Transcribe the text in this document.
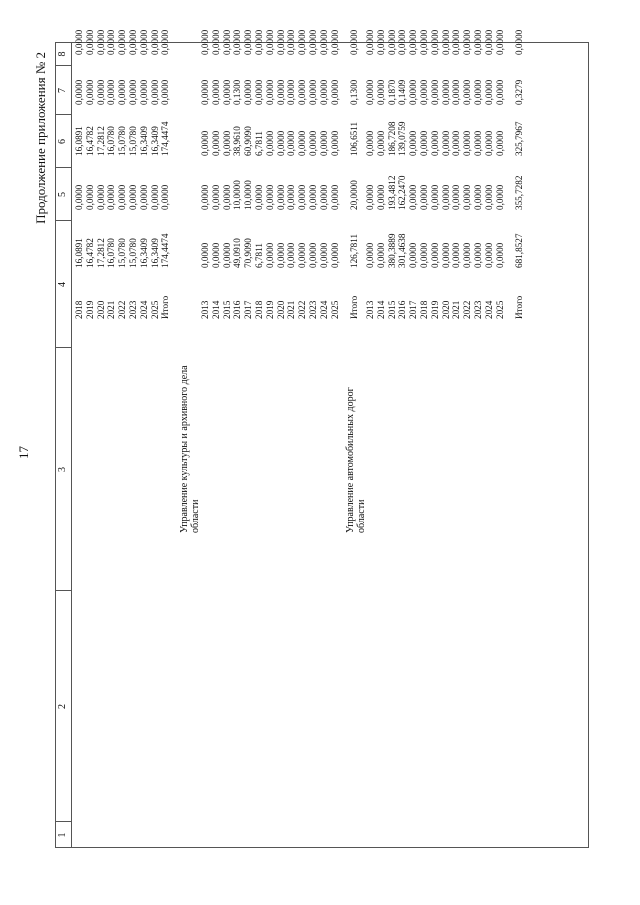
17
Продолжение приложения № 2
1
2
3
4
5
6
7
8
2018
16,0891
0,0000
16,0891
0,0000
0,0000
2019
16,4782
0,0000
16,4782
0,0000
0,0000
2020
17,2812
0,0000
17,2812
0,0000
0,0000
2021
16,0780
0,0000
16,0780
0,0000
0,0000
2022
15,0780
0,0000
15,0780
0,0000
0,0000
2023
15,0780
0,0000
15,0780
0,0000
0,0000
2024
16,3409
0,0000
16,3409
0,0000
0,0000
2025
16,3409
0,0000
16,3409
0,0000
0,0000
Итого
174,4474
0,0000
174,4474
0,0000
0,0000
Управление культуры и архивного дела области
2013
0,0000
0,0000
0,0000
0,0000
0,0000
2014
0,0000
0,0000
0,0000
0,0000
0,0000
2015
0,0000
0,0000
0,0000
0,0000
0,0000
2016
49,0910
10,0000
38,9610
0,1300
0,0000
2017
70,9090
10,0000
60,9090
0,0000
0,0000
2018
6,7811
0,0000
6,7811
0,0000
0,0000
2019
0,0000
0,0000
0,0000
0,0000
0,0000
2020
0,0000
0,0000
0,0000
0,0000
0,0000
2021
0,0000
0,0000
0,0000
0,0000
0,0000
2022
0,0000
0,0000
0,0000
0,0000
0,0000
2023
0,0000
0,0000
0,0000
0,0000
0,0000
2024
0,0000
0,0000
0,0000
0,0000
0,0000
2025
0,0000
0,0000
0,0000
0,0000
0,0000
Итого
126,7811
20,0000
106,6511
0,1300
0,0000
Управление автомобильных дорог области
2013
0,0000
0,0000
0,0000
0,0000
0,0000
2014
0,0000
0,0000
0,0000
0,0000
0,0000
2015
380,3889
193,4812
186,7208
0,1870
0,0000
2016
301,4638
162,2470
139,0759
0,1409
0,0000
2017
0,0000
0,0000
0,0000
0,0000
0,0000
2018
0,0000
0,0000
0,0000
0,0000
0,0000
2019
0,0000
0,0000
0,0000
0,0000
0,0000
2020
0,0000
0,0000
0,0000
0,0000
0,0000
2021
0,0000
0,0000
0,0000
0,0000
0,0000
2022
0,0000
0,0000
0,0000
0,0000
0,0000
2023
0,0000
0,0000
0,0000
0,0000
0,0000
2024
0,0000
0,0000
0,0000
0,0000
0,0000
2025
0,0000
0,0000
0,0000
0,0000
0,0000
Итого
681,8527
355,7282
325,7967
0,3279
0,0000
